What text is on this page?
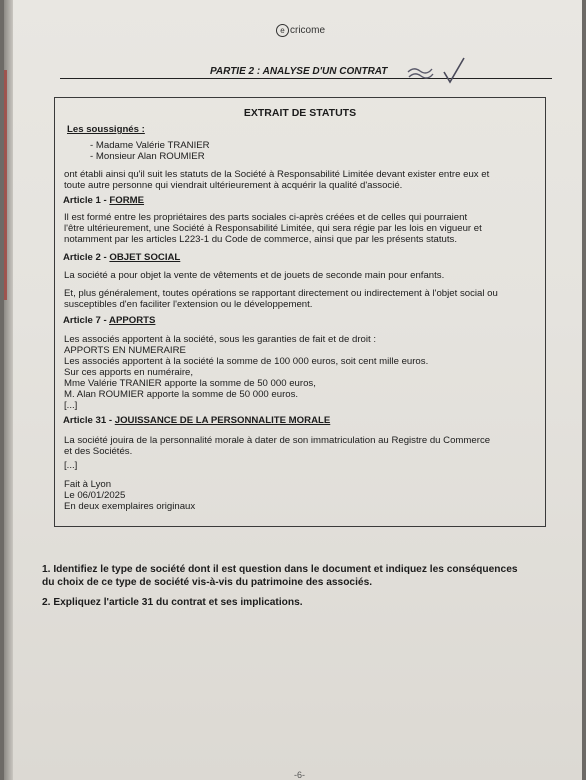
e cricome
PARTIE 2 : ANALYSE D'UN CONTRAT
EXTRAIT DE STATUTS
Les soussignés :
- Madame Valérie TRANIER
- Monsieur Alan ROUMIER
ont établi ainsi qu'il suit les statuts de la Société à Responsabilité Limitée devant exister entre eux et
toute autre personne qui viendrait ultérieurement à acquérir la qualité d'associé.
Article 1 - FORME
Il est formé entre les propriétaires des parts sociales ci-après créées et de celles qui pourraient
l'être ultérieurement, une Société à Responsabilité Limitée, qui sera régie par les lois en vigueur et
notamment par les articles L223-1 du Code de commerce, ainsi que par les présents statuts.
Article 2 - OBJET SOCIAL
La société a pour objet la vente de vêtements et de jouets de seconde main pour enfants.
Et, plus généralement, toutes opérations se rapportant directement ou indirectement à l'objet social ou
susceptibles d'en faciliter l'extension ou le développement.
Article 7 - APPORTS
Les associés apportent à la société, sous les garanties de fait et de droit :
APPORTS EN NUMERAIRE
Les associés apportent à la société la somme de 100 000 euros, soit cent mille euros.
Sur ces apports en numéraire,
Mme Valérie TRANIER apporte la somme de 50 000 euros,
M. Alan ROUMIER apporte la somme de 50 000 euros.
[...]
Article 31 - JOUISSANCE DE LA PERSONNALITE MORALE
La société jouira de la personnalité morale à dater de son immatriculation au Registre du Commerce
et des Sociétés.
[...]
Fait à Lyon
Le 06/01/2025
En deux exemplaires originaux
1. Identifiez le type de société dont il est question dans le document et indiquez les conséquences
du choix de ce type de société vis-à-vis du patrimoine des associés.
2. Expliquez l'article 31 du contrat et ses implications.
-6-
